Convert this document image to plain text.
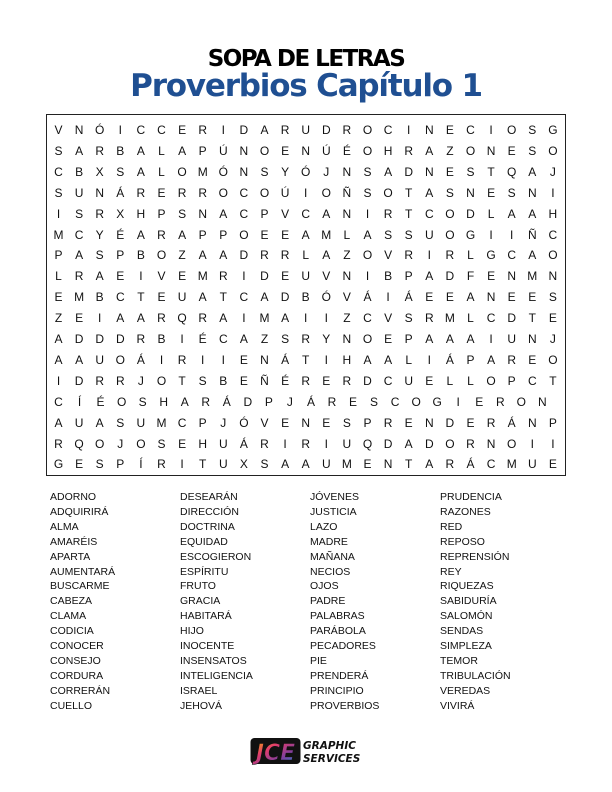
SOPA DE LETRAS
Proverbios Capítulo 1
V	N Ó	I	C C	E	R	I	D	A	R U D R O C	I	N	E	C	I	O S G
S	A	R	B	A	L	A	P	Ú N O E	N Ú	É O H R	A	Z	O N	E	S O
C	B	X	S	A	L	O M Ó N	S	Y Ó	J	N	S	A	D N	E	S	T	Q A	J
S	U N	Á	R	E	R R O C O Ú	I	O Ñ	S O	T	A	S	N	E	S	N	I
I	S	R	X	H	P	S	N	A	C	P	V	C	A	N	I	R	T	C O D	L	A	A	H
M C	Y	É	A	R	A	P	P O E	E	A M	L	A	S	S	U O G	I	I	Ñ C
P	A	S	P	B O	Z	A	A	D R R	L	A	Z	O V	R	I	R	L	G C	A O
L	R	A	E	I	V	E M R	I	D	E	U	V	N	I	B	P	A	D	F	E	N M N
E M B	C	T	E	U	A	T	C	A	D	B Ó V	Á	I	Á	E	E	A	N	E	E	S
Z	E	I	A	A	R Q R	A	I	M A	I	I	Z	C	V	S	R M	L	C D	T	E
A	D D D R	B	I	É	C	A	Z	S	R	Y	N O E	P	A	A	A	I	U N	J
A	A	U O Á	I	R	I	I	E	N	Á	T	I	H	A	A	L	I	Á	P	A	R	E O
I	D R R	J	O	T	S	B	E	Ñ	É	R	E	R D C U	E	L	L	O P	C	T
C	Í	É	O	S	H	A	R	Á	D	P	J	Á	R	E	S	C	O G	I	E	R	O	N
A	U	A	S	U M C	P	J	Ó V	E	N	E	S	P	R	E	N D	E	R	Á	N	P
R Q O	J	O S	E	H U	Á	R	I	R	I	U Q D	A	D O R N O	I	I
G E	S	P	Í	R	I	T	U	X	S	A	A	U M E	N	T	A	R	Á	C M U	E
ADORNO
ADQUIRIRÁ
ALMA
AMARÉIS
APARTA
AUMENTARÁ
BUSCARME
CABEZA
CLAMA
CODICIA
CONOCER
CONSEJO
CORDURA
CORRERÁN
CUELLO
DESEARÁN
DIRECCIÓN
DOCTRINA
EQUIDAD
ESCOGIERON
ESPÍRITU
FRUTO
GRACIA
HABITARÁ
HIJO
INOCENTE
INSENSATOS
INTELIGENCIA
ISRAEL
JEHOVÁ
JÓVENES
JUSTICIA
LAZO
MADRE
MAÑANA
NECIOS
OJOS
PADRE
PALABRAS
PARÁBOLA
PECADORES
PIE
PRENDERÁ
PRINCIPIO
PROVERBIOS
PRUDENCIA
RAZONES
RED
REPOSO
REPRENSIÓN
REY
RIQUEZAS
SABIDURÍA
SALOMÓN
SENDAS
SIMPLEZA
TEMOR
TRIBULACIÓN
VEREDAS
VIVIRÁ
JCE GRAPHIC
SERVICES
